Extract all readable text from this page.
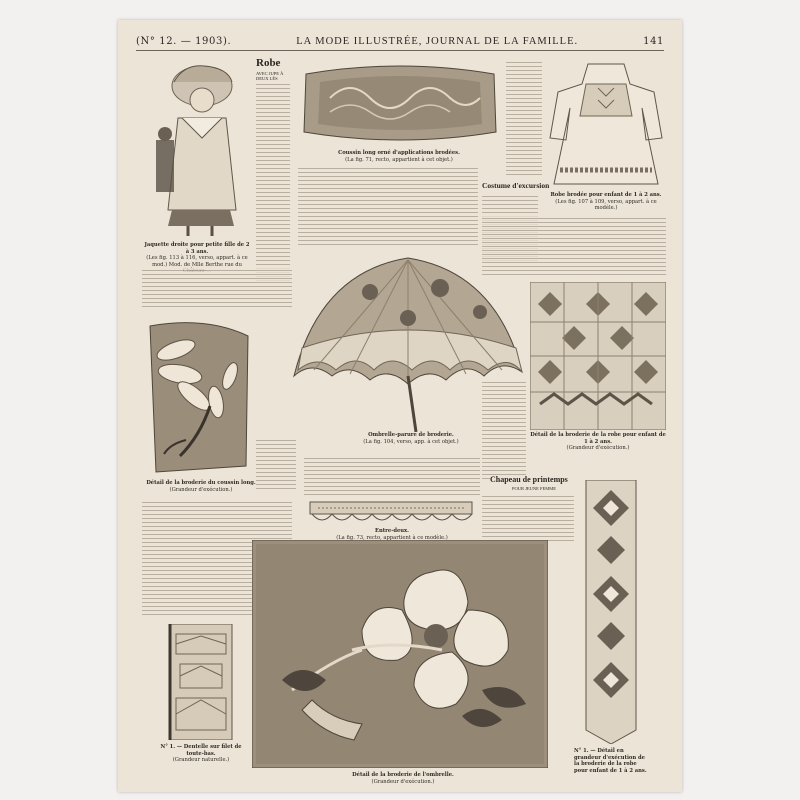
(N° 12. — 1903).	LA MODE ILLUSTRÉE, JOURNAL DE LA FAMILLE.	141
Jaquette droite pour petite fille de 2 à 3 ans.
(Les fig. 113 à 116, verso, appart. à ce mod.) Mod. de Mlle Berthe rue du
Robe
AVEC JUPE À DEUX LÉS
Coussin long orné d'applications brodées.
(La fig. 71, recto, appartient à cet objet.)
Costume d'excursion
Robe brodée pour enfant de 1 à 2 ans.
(Les fig. 107 à 109, verso, appart. à ce modèle.)
Détail de la broderie du coussin long.
(Grandeur d'exécution.)
Ombrelle-parure de broderie.
(La fig. 104, verso, app. à cet objet.)
Détail de la broderie de la robe pour enfant de 1 à 2 ans.
(Grandeur d'exécution.)
Entre-deux.
(La fig. 73, recto, appartient à ce modèle.)
Chapeau de printemps
POUR JEUNE FEMME
N° 1. — Dentelle sur filet de toute-bas.
(Grandeur naturelle.)
Détail de la broderie de l'ombrelle.
(Grandeur d'exécution.)
N° 1. — Détail en grandeur d'exécution de la broderie de la robe pour enfant de 1 à 2 ans.
